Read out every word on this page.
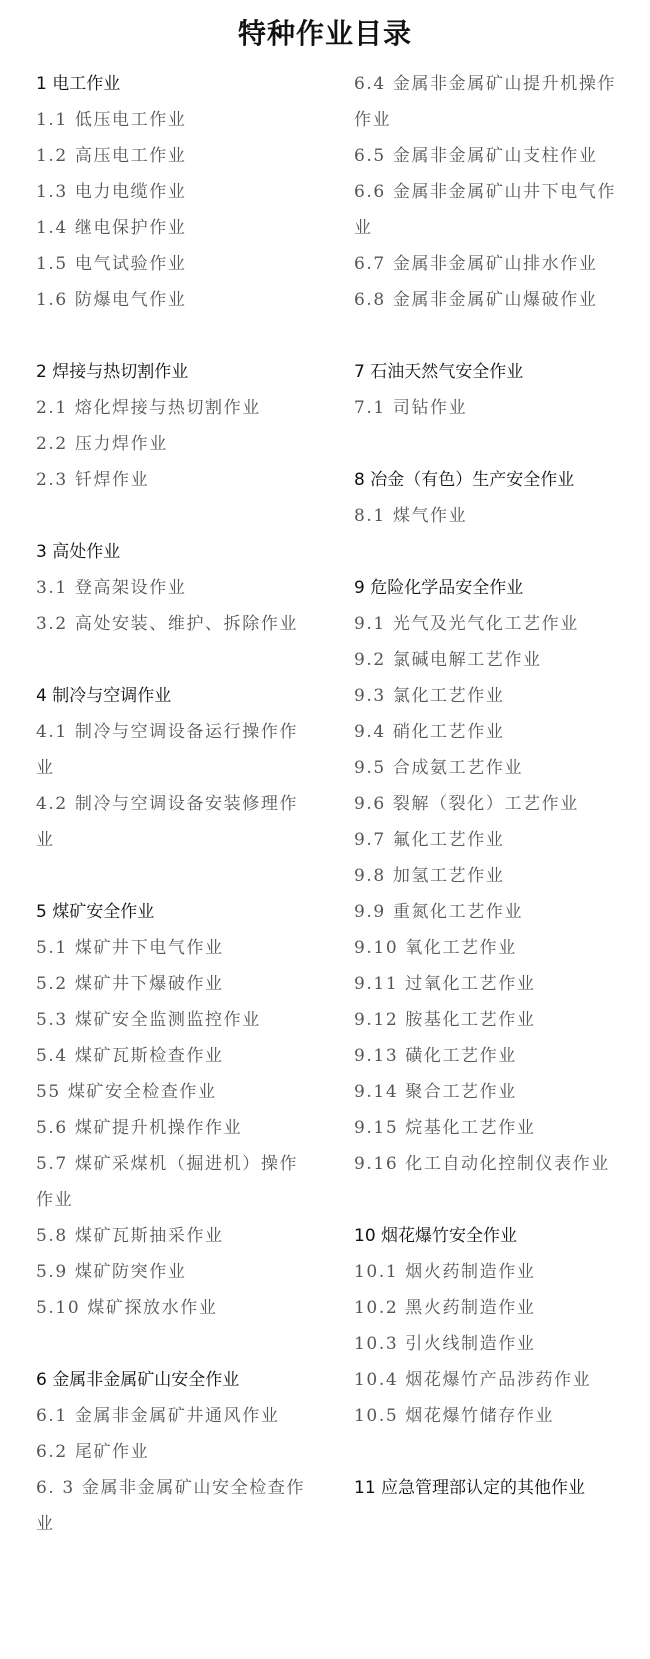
特种作业目录
1 电工作业
1.1 低压电工作业
1.2 高压电工作业
1.3 电力电缆作业
1.4 继电保护作业
1.5 电气试验作业
1.6 防爆电气作业
2 焊接与热切割作业
2.1 熔化焊接与热切割作业
2.2 压力焊作业
2.3 钎焊作业
3 高处作业
3.1 登高架设作业
3.2 高处安装、维护、拆除作业
4 制冷与空调作业
4.1 制冷与空调设备运行操作作业
4.2 制冷与空调设备安装修理作业
5 煤矿安全作业
5.1 煤矿井下电气作业
5.2 煤矿井下爆破作业
5.3 煤矿安全监测监控作业
5.4 煤矿瓦斯检查作业
55 煤矿安全检查作业
5.6 煤矿提升机操作作业
5.7 煤矿采煤机（掘进机）操作作业
5.8 煤矿瓦斯抽采作业
5.9 煤矿防突作业
5.10 煤矿探放水作业
6 金属非金属矿山安全作业
6.1 金属非金属矿井通风作业
6.2 尾矿作业
6. 3 金属非金属矿山安全检查作业
6.4 金属非金属矿山提升机操作作业
6.5 金属非金属矿山支柱作业
6.6 金属非金属矿山井下电气作业
6.7 金属非金属矿山排水作业
6.8 金属非金属矿山爆破作业
7 石油天然气安全作业
7.1 司钻作业
8 冶金（有色）生产安全作业
8.1 煤气作业
9 危险化学品安全作业
9.1 光气及光气化工艺作业
9.2 氯碱电解工艺作业
9.3 氯化工艺作业
9.4 硝化工艺作业
9.5 合成氨工艺作业
9.6 裂解（裂化）工艺作业
9.7 氟化工艺作业
9.8 加氢工艺作业
9.9 重氮化工艺作业
9.10 氧化工艺作业
9.11 过氧化工艺作业
9.12 胺基化工艺作业
9.13 磺化工艺作业
9.14 聚合工艺作业
9.15 烷基化工艺作业
9.16 化工自动化控制仪表作业
10 烟花爆竹安全作业
10.1 烟火药制造作业
10.2 黑火药制造作业
10.3 引火线制造作业
10.4 烟花爆竹产品涉药作业
10.5 烟花爆竹储存作业
11 应急管理部认定的其他作业
